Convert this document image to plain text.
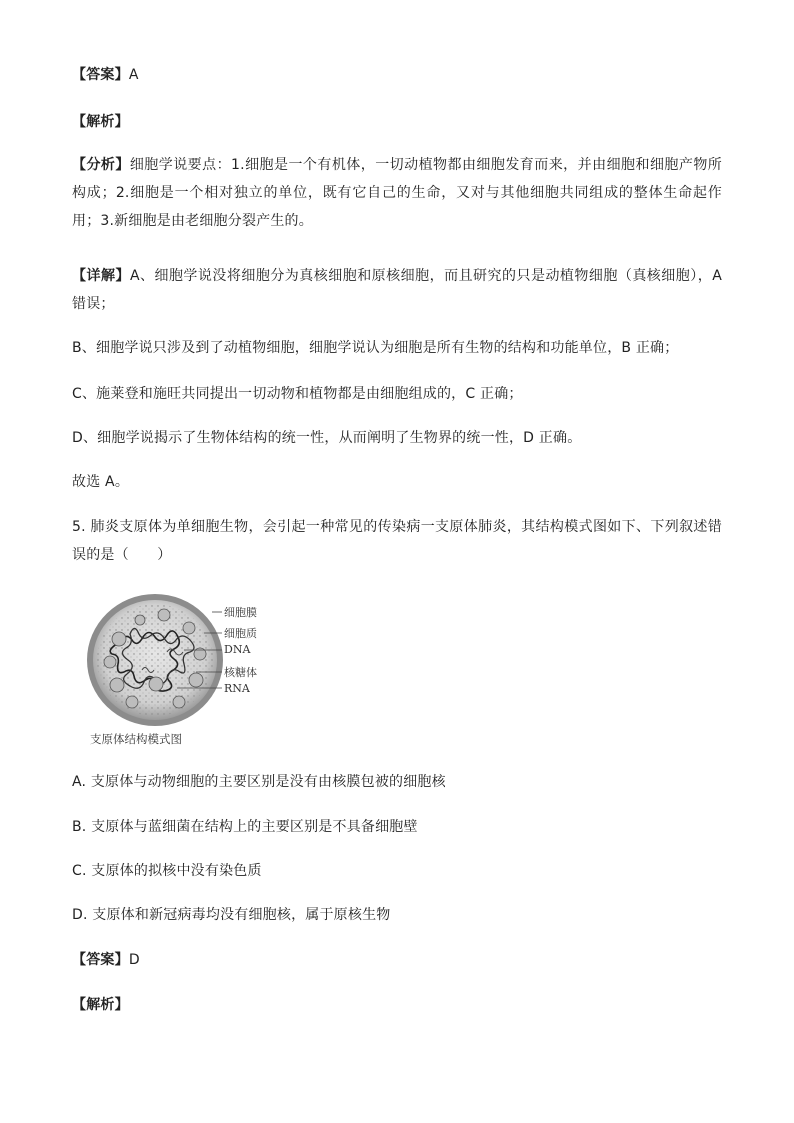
【答案】A
【解析】
【分析】细胞学说要点：1.细胞是一个有机体，一切动植物都由细胞发育而来，并由细胞和细胞产物所构成；2.细胞是一个相对独立的单位，既有它自己的生命，又对与其他细胞共同组成的整体生命起作用；3.新细胞是由老细胞分裂产生的。
【详解】A、细胞学说没将细胞分为真核细胞和原核细胞，而且研究的只是动植物细胞（真核细胞），A 错误；
B、细胞学说只涉及到了动植物细胞，细胞学说认为细胞是所有生物的结构和功能单位，B 正确；
C、施莱登和施旺共同提出一切动物和植物都是由细胞组成的，C 正确；
D、细胞学说揭示了生物体结构的统一性，从而阐明了生物界的统一性，D 正确。
故选 A。
5. 肺炎支原体为单细胞生物，会引起一种常见的传染病一支原体肺炎，其结构模式图如下、下列叙述错误的是（　　）
细胞膜
细胞质
DNA
核糖体
RNA
支原体结构模式图
A. 支原体与动物细胞的主要区别是没有由核膜包被的细胞核
B. 支原体与蓝细菌在结构上的主要区别是不具备细胞壁
C. 支原体的拟核中没有染色质
D. 支原体和新冠病毒均没有细胞核，属于原核生物
【答案】D
【解析】
